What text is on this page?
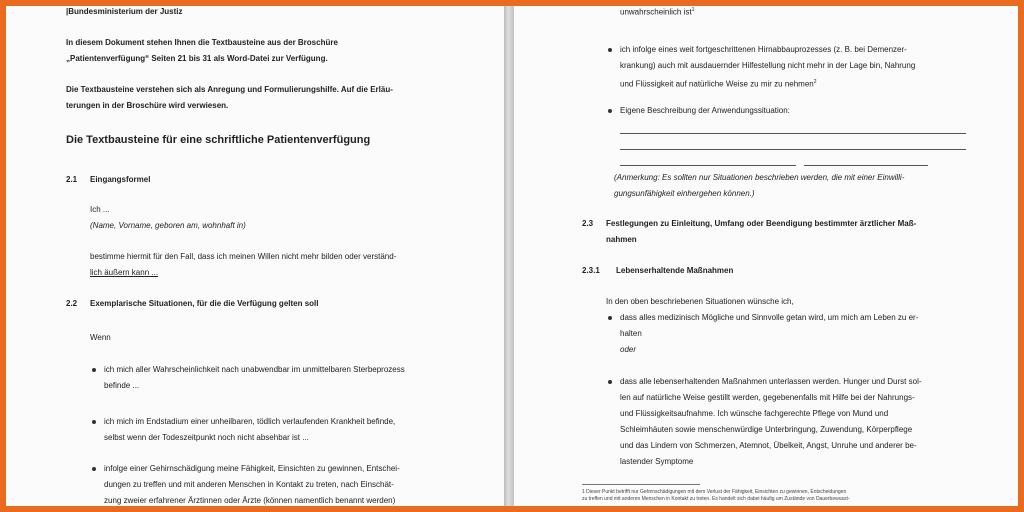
|Bundesministerium der Justiz
In diesem Dokument stehen Ihnen die Textbausteine aus der Broschüre
„Patientenverfügung“ Seiten 21 bis 31 als Word-Datei zur Verfügung.
Die Textbausteine verstehen sich als Anregung und Formulierungshilfe. Auf die Erläu-
terungen in der Broschüre wird verwiesen.
Die Textbausteine für eine schriftliche Patientenverfügung
2.1 Eingangsformel
Ich ...
(Name, Vorname, geboren am, wohnhaft in)
bestimme hiermit für den Fall, dass ich meinen Willen nicht mehr bilden oder verständ-
lich äußern kann ...
2.2 Exemplarische Situationen, für die die Verfügung gelten soll
Wenn
ich mich aller Wahrscheinlichkeit nach unabwendbar im unmittelbaren Sterbeprozess
befinde ...
ich mich im Endstadium einer unheilbaren, tödlich verlaufenden Krankheit befinde,
selbst wenn der Todeszeitpunkt noch nicht absehbar ist ...
infolge einer Gehirnschädigung meine Fähigkeit, Einsichten zu gewinnen, Entschei-
dungen zu treffen und mit anderen Menschen in Kontakt zu treten, nach Einschät-
zung zweier erfahrener Ärztinnen oder Ärzte (können namentlich benannt werden)
unwahrscheinlich ist$^1$
ich infolge eines weit fortgeschrittenen Hirnabbauprozesses (z. B. bei Demenzer-
krankung) auch mit ausdauernder Hilfestellung nicht mehr in der Lage bin, Nahrung
und Flüssigkeit auf natürliche Weise zu mir zu nehmen$^2$
Eigene Beschreibung der Anwendungssituation:
(Anmerkung: Es sollten nur Situationen beschrieben werden, die mit einer Einwilli-
gungsunfähigkeit einhergehen können.)
2.3 Festlegungen zu Einleitung, Umfang oder Beendigung bestimmter ärztlicher Maß-
nahmen
2.3.1 Lebenserhaltende Maßnahmen
In den oben beschriebenen Situationen wünsche ich,
dass alles medizinisch Mögliche und Sinnvolle getan wird, um mich am Leben zu er-
halten
oder
dass alle lebenserhaltenden Maßnahmen unterlassen werden. Hunger und Durst sol-
len auf natürliche Weise gestillt werden, gegebenenfalls mit Hilfe bei der Nahrungs-
und Flüssigkeitsaufnahme. Ich wünsche fachgerechte Pflege von Mund und
Schleimhäuten sowie menschenwürdige Unterbringung, Zuwendung, Körperpflege
und das Lindern von Schmerzen, Atemnot, Übelkeit, Angst, Unruhe und anderer be-
lastender Symptome
1 Dieser Punkt betrifft nur Gehirnschädigungen mit dem Verlust der Fähigkeit, Einsichten zu gewinnen, Entscheidungen
zu treffen und mit anderen Menschen in Kontakt zu treten. Es handelt sich dabei häufig um Zustände von Dauerbewusst-
